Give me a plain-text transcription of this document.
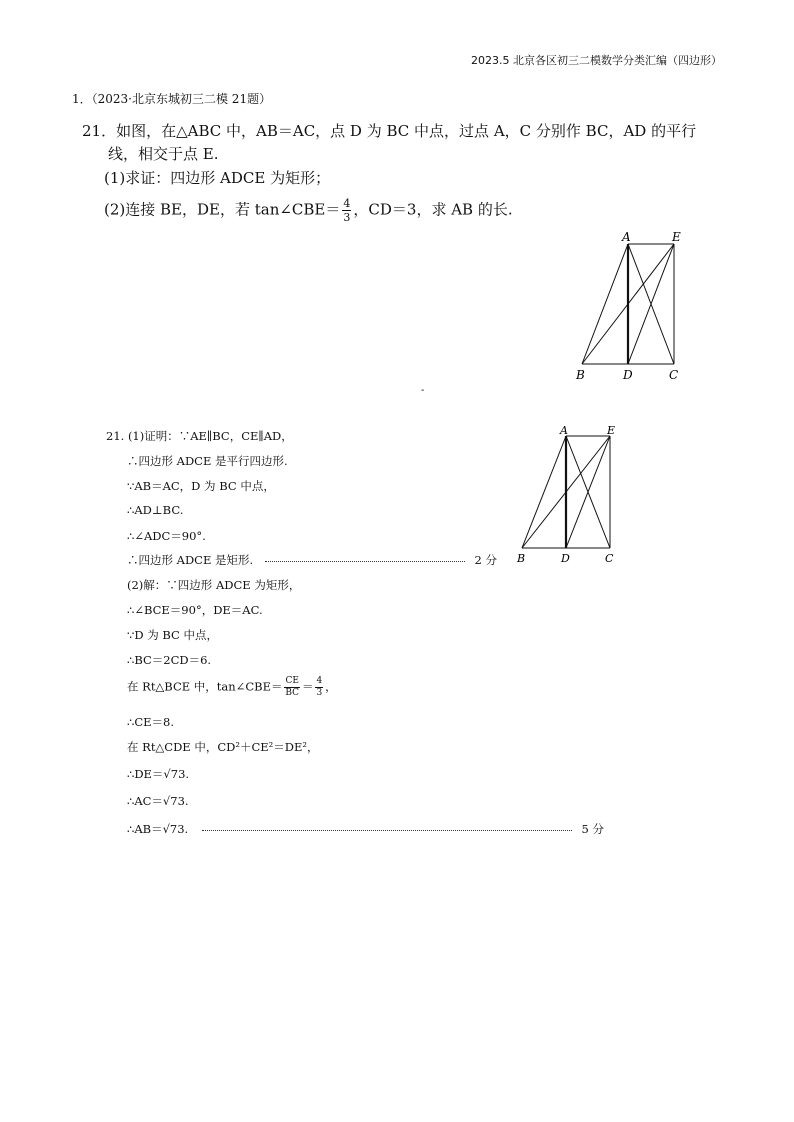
2023.5 北京各区初三二模数学分类汇编（四边形）
1．（2023·北京东城初三二模 21题）
21．如图，在△ABC 中，AB＝AC，点 D 为 BC 中点，过点 A，C 分别作 BC，AD 的平行
线，相交于点 E.
(1)求证：四边形 ADCE 为矩形；
(2)连接 BE，DE，若 tan∠CBE＝ $\frac{4}{3}$ ，CD＝3，求 AB 的长.
A	E
B	D	C
-
21. (1)证明：∵AE∥BC，CE∥AD，
∴四边形 ADCE 是平行四边形.
∵AB＝AC，D 为 BC 中点，
∴AD⊥BC.
∴∠ADC＝90°.
∴四边形 ADCE 是矩形.	2 分
(2)解：∵四边形 ADCE 为矩形，
∴∠BCE＝90°，DE＝AC.
∵D 为 BC 中点，
∴BC＝2CD＝6.
在 Rt△BCE 中，tan∠CBE＝ $\frac{CE}{BC} = \frac{4}{3}$ ，
∴CE＝8.
在 Rt△CDE 中，CD²＋CE²＝DE²，
∴DE＝√73.
∴AC＝√73.
∴AB＝√73.	5 分
A	E
B	D	C
